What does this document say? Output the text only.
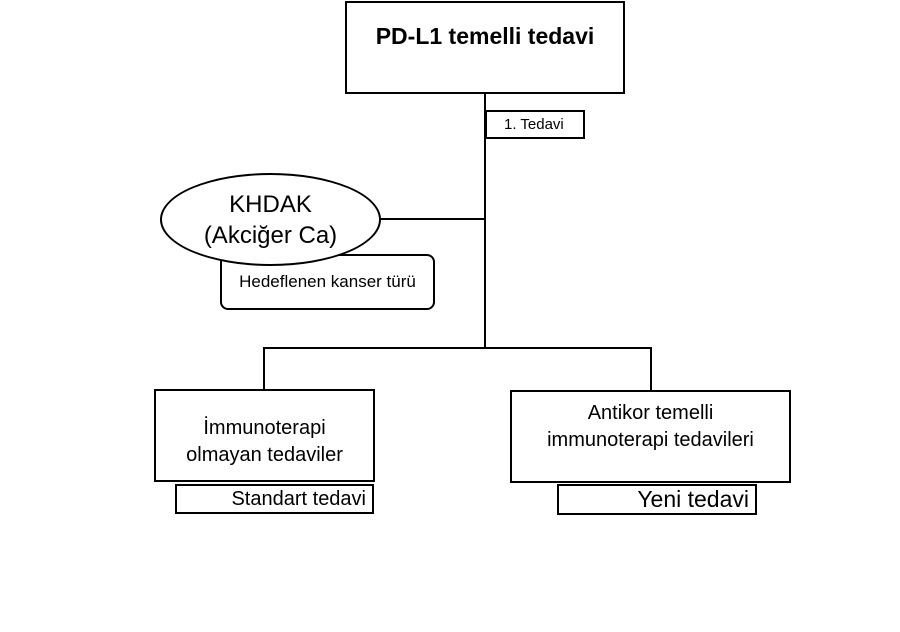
PD-L1 temelli tedavi
1. Tedavi
Hedeflenen kanser türü
KHDAK
(Akciğer Ca)
İmmunoterapi
olmayan tedaviler
Standart tedavi
Antikor temelli
immunoterapi tedavileri
Yeni tedavi
